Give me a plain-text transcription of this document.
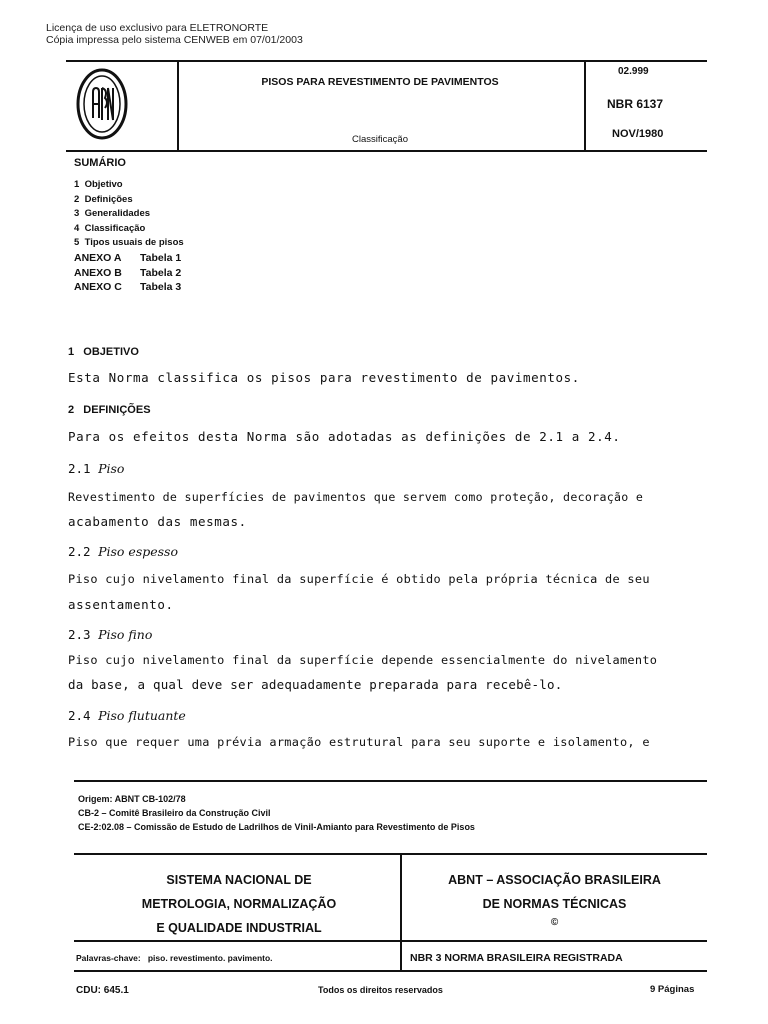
Licença de uso exclusivo para ELETRONORTE
Cópia impressa pelo sistema CENWEB em 07/01/2003
PISOS PARA REVESTIMENTO DE PAVIMENTOS
Classificação
02.999
NBR 6137
NOV/1980
SUMÁRIO
1 Objetivo
2 Definições
3 Generalidades
4 Classificação
5 Tipos usuais de pisos
ANEXO A Tabela 1
ANEXO B Tabela 2
ANEXO C Tabela 3
1 OBJETIVO
Esta Norma classifica os pisos para revestimento de pavimentos.
2 DEFINIÇÕES
Para os efeitos desta Norma são adotadas as definições de 2.1 a 2.4.
2.1 Piso
Revestimento de superfícies de pavimentos que servem como proteção, decoração e
acabamento das mesmas.
2.2 Piso espesso
Piso cujo nivelamento final da superfície é obtido pela própria técnica de seu
assentamento.
2.3 Piso fino
Piso cujo nivelamento final da superfície depende essencialmente do nivelamento
da base, a qual deve ser adequadamente preparada para recebê-lo.
2.4 Piso flutuante
Piso que requer uma prévia armação estrutural para seu suporte e isolamento, e
Origem: ABNT CB-102/78
CB-2 – Comitê Brasileiro da Construção Civil
CE-2:02.08 – Comissão de Estudo de Ladrilhos de Vinil-Amianto para Revestimento de Pisos
SISTEMA NACIONAL DE
METROLOGIA, NORMALIZAÇÃO
E QUALIDADE INDUSTRIAL
ABNT – ASSOCIAÇÃO BRASILEIRA
DE NORMAS TÉCNICAS
©
Palavras-chave: piso. revestimento. pavimento.	NBR 3 NORMA BRASILEIRA REGISTRADA
CDU: 645.1	Todos os direitos reservados	9 Páginas
